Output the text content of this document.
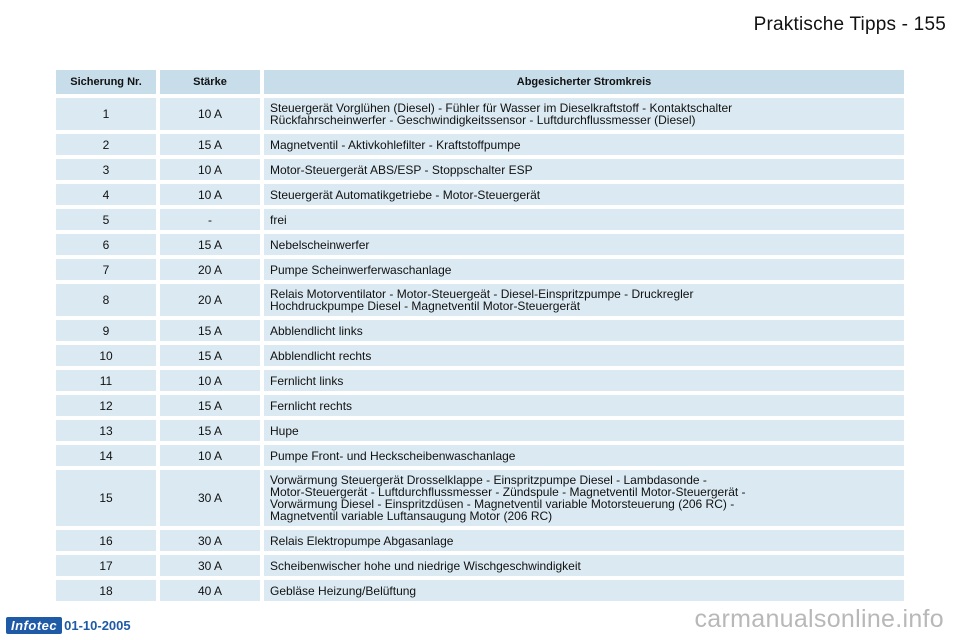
Praktische Tipps - 155
Sicherung Nr.	Stärke	Abgesicherter Stromkreis
1	10 A	Steuergerät Vorglühen (Diesel) - Fühler für Wasser im Dieselkraftstoff - Kontaktschalter
Rückfahrscheinwerfer - Geschwindigkeitssensor - Luftdurchflussmesser (Diesel)

2	15 A	Magnetventil - Aktivkohlefilter - Kraftstoffpumpe

3	10 A	Motor-Steuergerät ABS/ESP - Stoppschalter ESP

4	10 A	Steuergerät Automatikgetriebe - Motor-Steuergerät

5	-	frei

6	15 A	Nebelscheinwerfer

7	20 A	Pumpe Scheinwerferwaschanlage

8	20 A	Relais Motorventilator - Motor-Steuergeät - Diesel-Einspritzpumpe - Druckregler
Hochdruckpumpe Diesel - Magnetventil Motor-Steuergerät

9	15 A	Abblendlicht links

10	15 A	Abblendlicht rechts

11	10 A	Fernlicht links

12	15 A	Fernlicht rechts

13	15 A	Hupe

14	10 A	Pumpe Front- und Heckscheibenwaschanlage

15	30 A	Vorwärmung Steuergerät Drosselklappe - Einspritzpumpe Diesel - Lambdasonde -
Motor-Steuergerät - Luftdurchflussmesser - Zündspule - Magnetventil Motor-Steuergerät -
Vorwärmung Diesel - Einspritzdüsen - Magnetventil variable Motorsteuerung (206 RC) -
Magnetventil variable Luftansaugung Motor (206 RC)

16	30 A	Relais Elektropumpe Abgasanlage

17	30 A	Scheibenwischer hohe und niedrige Wischgeschwindigkeit

18	40 A	Gebläse Heizung/Belüftung
Infotec 01-10-2005	carmanualsonline.info
